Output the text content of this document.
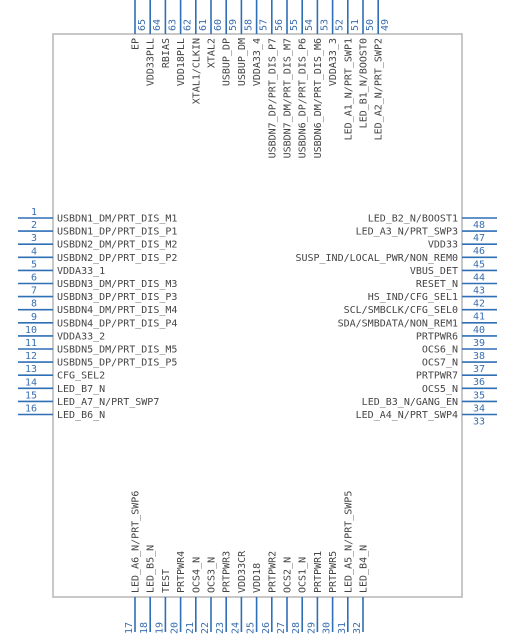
1
USBDN1_DM/PRT_DIS_M1
2
USBDN1_DP/PRT_DIS_P1
3
USBDN2_DM/PRT_DIS_M2
4
USBDN2_DP/PRT_DIS_P2
5
VDDA33_1
6
USBDN3_DM/PRT_DIS_M3
7
USBDN3_DP/PRT_DIS_P3
8
USBDN4_DM/PRT_DIS_M4
9
USBDN4_DP/PRT_DIS_P4
10
VDDA33_2
11
USBDN5_DM/PRT_DIS_M5
12
USBDN5_DP/PRT_DIS_P5
13
CFG_SEL2
14
LED_B7_N
15
LED_A7_N/PRT_SWP7
16
LED_B6_N
48
LED_B2_N/BOOST1
47
LED_A3_N/PRT_SWP3
46
VDD33
45
SUSP_IND/LOCAL_PWR/NON_REM0
44
VBUS_DET
43
RESET_N
42
HS_IND/CFG_SEL1
41
SCL/SMBCLK/CFG_SEL0
40
SDA/SMBDATA/NON_REM1
39
PRTPWR6
38
OCS6_N
37
OCS7_N
36
PRTPWR7
35
OCS5_N
34
LED_B3_N/GANG_EN
33
LED_A4_N/PRT_SWP4
17
LED_A6_N/PRT_SWP6
18
LED_B5_N
19
TEST
20
PRTPWR4
21
OCS4_N
22
OCS3_N
23
PRTPWR3
24
VDD33CR
25
VDD18
26
PRTPWR2
27
OCS2_N
28
OCS1_N
29
PRTPWR1
30
PRTPWR5
31
LED_A5_N/PRT_SWP5
32
LED_B4_N
65
EP
64
VDD33PLL
63
RBIAS
62
VDD18PLL
61
XTAL1/CLKIN
60
XTAL2
59
USBUP_DP
58
USBUP_DM
57
VDDA33_4
56
USBDN7_DP/PRT_DIS_P7
55
USBDN7_DM/PRT_DIS_M7
54
USBDN6_DP/PRT_DIS_P6
53
USBDN6_DM/PRT_DIS_M6
52
VDDA33_3
51
LED_A1_N/PRT_SWP1
50
LED_B1_N/BOOST0
49
LED_A2_N/PRT_SWP2
